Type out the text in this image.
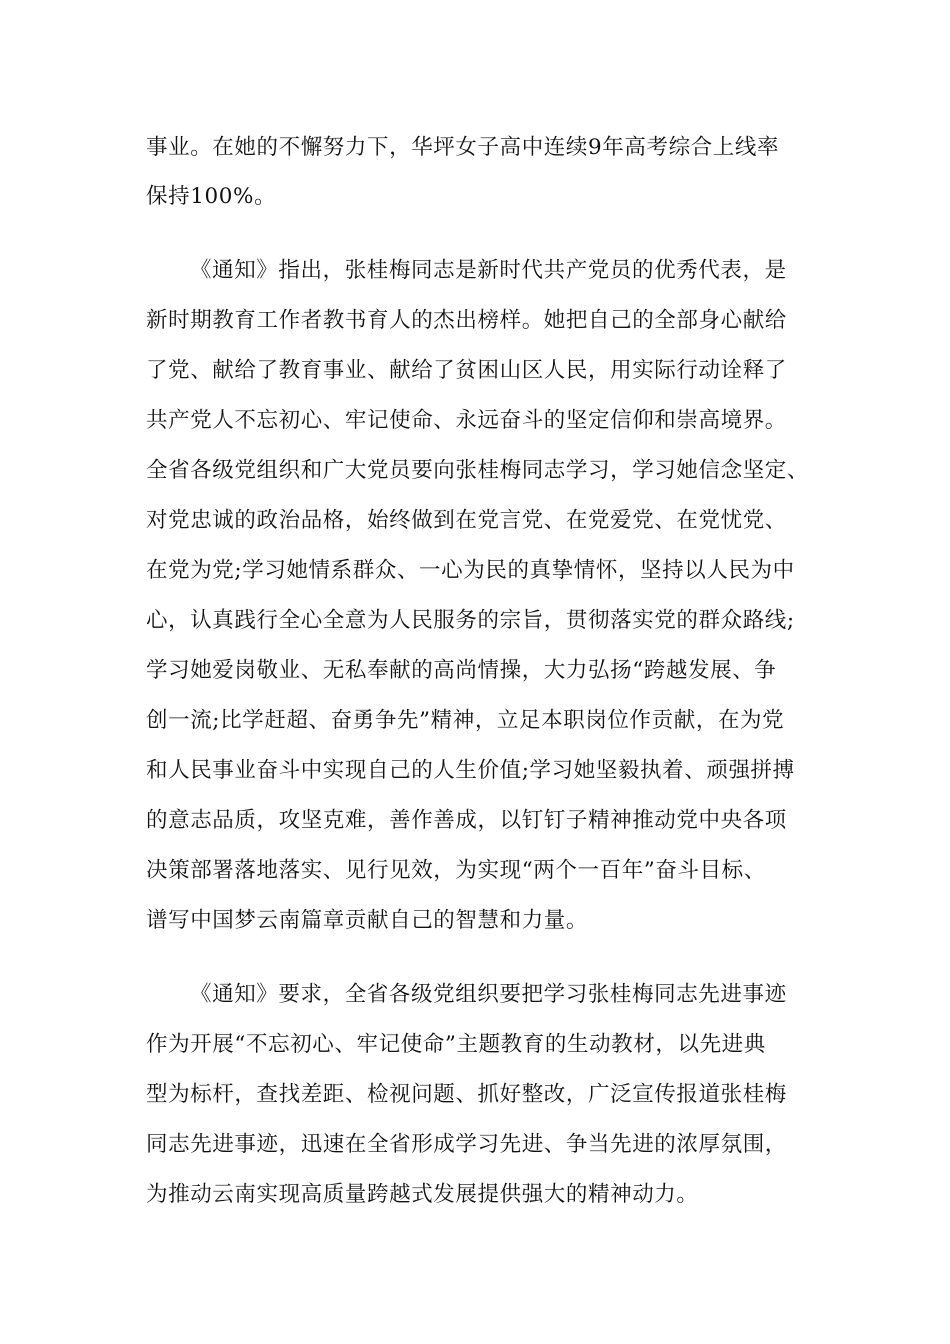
事业。在她的不懈努力下，华坪女子高中连续9年高考综合上线率
保持100%。
《通知》指出，张桂梅同志是新时代共产党员的优秀代表，是
新时期教育工作者教书育人的杰出榜样。她把自己的全部身心献给
了党、献给了教育事业、献给了贫困山区人民，用实际行动诠释了
共产党人不忘初心、牢记使命、永远奋斗的坚定信仰和崇高境界。
全省各级党组织和广大党员要向张桂梅同志学习，学习她信念坚定、
对党忠诚的政治品格，始终做到在党言党、在党爱党、在党忧党、
在党为党;学习她情系群众、一心为民的真挚情怀，坚持以人民为中
心，认真践行全心全意为人民服务的宗旨，贯彻落实党的群众路线;
学习她爱岗敬业、无私奉献的高尚情操，大力弘扬“跨越发展、争
创一流;比学赶超、奋勇争先”精神，立足本职岗位作贡献，在为党
和人民事业奋斗中实现自己的人生价值;学习她坚毅执着、顽强拼搏
的意志品质，攻坚克难，善作善成，以钉钉子精神推动党中央各项
决策部署落地落实、见行见效，为实现“两个一百年”奋斗目标、
谱写中国梦云南篇章贡献自己的智慧和力量。
《通知》要求，全省各级党组织要把学习张桂梅同志先进事迹
作为开展“不忘初心、牢记使命”主题教育的生动教材，以先进典
型为标杆，查找差距、检视问题、抓好整改，广泛宣传报道张桂梅
同志先进事迹，迅速在全省形成学习先进、争当先进的浓厚氛围，
为推动云南实现高质量跨越式发展提供强大的精神动力。
